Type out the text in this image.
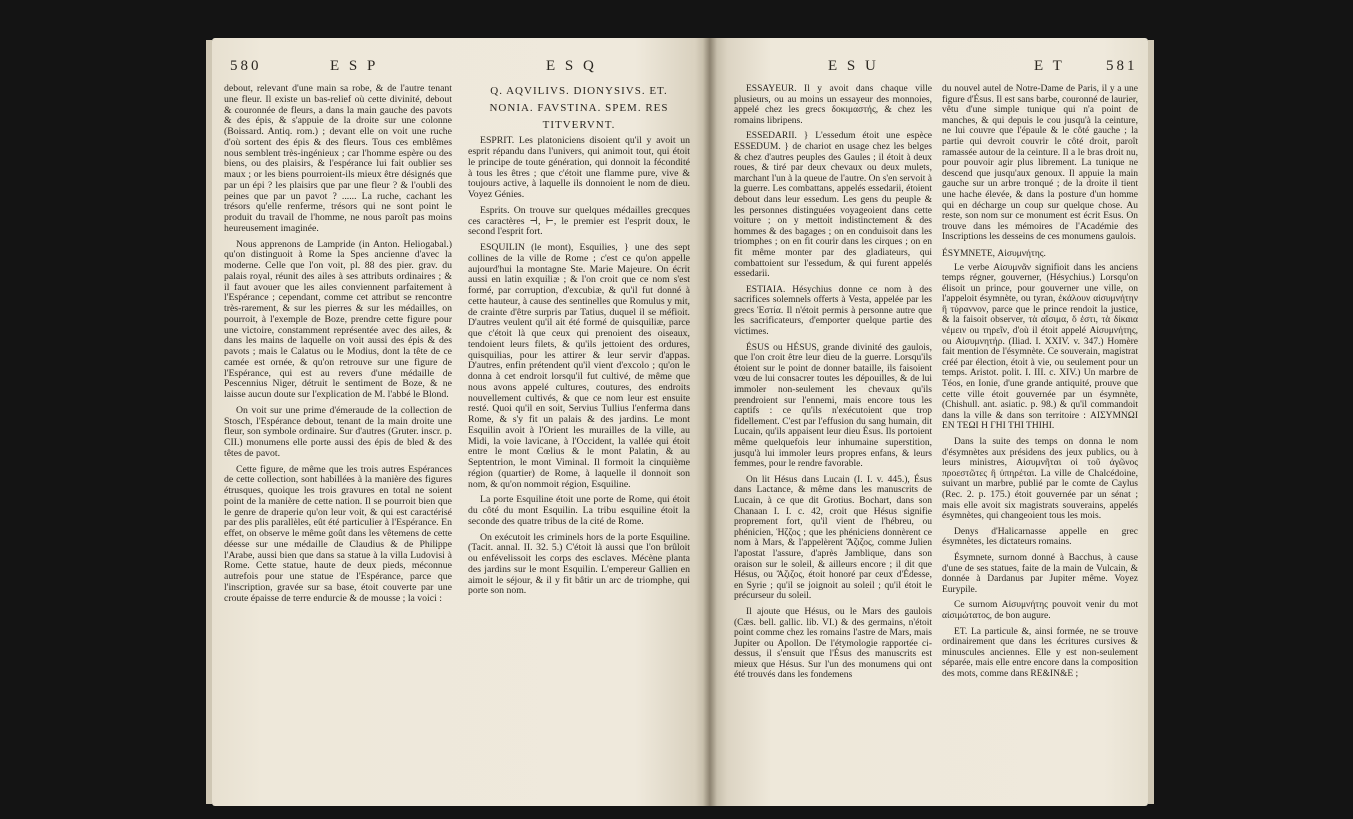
580	E S P	E S Q

debout, relevant d'une main sa robe, & de l'autre tenant une fleur. Il existe un bas-relief où cette divinité, debout & couronnée de fleurs, a dans la main gauche des pavots & des épis, & s'appuie de la droite sur une colonne (Boissard. Antiq. rom.) ; devant elle on voit une ruche d'où sortent des épis & des fleurs. Tous ces emblêmes nous semblent très-ingénieux ; car l'homme espère ou des biens, ou des plaisirs, & l'espérance lui fait oublier ses maux ; or les biens pourroient-ils mieux être désignés que par un épi ? les plaisirs que par une fleur ? & l'oubli des peines que par un pavot ? ...... La ruche, cachant les trésors qu'elle renferme, trésors qui ne sont point le produit du travail de l'homme, ne nous paroît pas moins heureusement imaginée.

Nous apprenons de Lampride (in Anton. Heliogabal.) qu'on distinguoit à Rome la Spes ancienne d'avec la moderne. Celle que l'on voit, pl. 88 des pier. grav. du palais royal, réunit des ailes à ses attributs ordinaires ; & il faut avouer que les ailes conviennent parfaitement à l'Espérance ; cependant, comme cet attribut se rencontre très-rarement, & sur les pierres & sur les médailles, on pourroit, à l'exemple de Boze, prendre cette figure pour une victoire, constamment représentée avec des ailes, & dans les mains de laquelle on voit aussi des épis & des pavots ; mais le Calatus ou le Modius, dont la tête de ce camée est ornée, & qu'on retrouve sur une figure de l'Espérance, qui est au revers d'une médaille de Pescennius Niger, détruit le sentiment de Boze, & ne laisse aucun doute sur l'explication de M. l'abbé le Blond.

On voit sur une prime d'émeraude de la collection de Stosch, l'Espérance debout, tenant de la main droite une fleur, son symbole ordinaire. Sur d'autres (Gruter. inscr. p. CII.) monumens elle porte aussi des épis de bled & des têtes de pavot.

Cette figure, de même que les trois autres Espérances de cette collection, sont habillées à la manière des figures étrusques, quoique les trois gravures en total ne soient point de la manière de cette nation. Il se pourroit bien que le genre de draperie qu'on leur voit, & qui est caractérisé par des plis parallèles, eût été particulier à l'Espérance. En effet, on observe le même goût dans les vêtemens de cette déesse sur une médaille de Claudius & de Philippe l'Arabe, aussi bien que dans sa statue à la villa Ludovisi à Rome. Cette statue, haute de deux pieds, méconnue autrefois pour une statue de l'Espérance, parce que l'inscription, gravée sur sa base, étoit couverte par une croute épaisse de terre endurcie & de mousse ; la voici :

Q. AQVILIVS. DIONYSIVS. ET.

NONIA. FAVSTINA. SPEM. RES

TITVERVNT.

ESPRIT. Les platoniciens disoient qu'il y avoit un esprit répandu dans l'univers, qui animoit tout, qui étoit le principe de toute génération, qui donnoit la fécondité à tous les êtres ; que c'étoit une flamme pure, vive & toujours active, à laquelle ils donnoient le nom de dieu. Voyez Génies.

Esprits. On trouve sur quelques médailles grecques ces caractères ⊣, ⊢, le premier est l'esprit doux, le second l'esprit fort.

ESQUILIN (le mont), Esquilies, } une des sept collines de la ville de Rome ; c'est ce qu'on appelle aujourd'hui la montagne Ste. Marie Majeure. On écrit aussi en latin exquiliæ ; & l'on croit que ce nom s'est formé, par corruption, d'excubiæ, & qu'il fut donné à cette hauteur, à cause des sentinelles que Romulus y mit, de crainte d'être surpris par Tatius, duquel il se méfioit. D'autres veulent qu'il ait été formé de quisquiliæ, parce que c'étoit là que ceux qui prenoient des oiseaux, tendoient leurs filets, & qu'ils jettoient des ordures, quisquilias, pour les attirer & leur servir d'appas. D'autres, enfin prétendent qu'il vient d'excolo ; qu'on le donna à cet endroit lorsqu'il fut cultivé, de même que nous avons appelé cultures, coutures, des endroits nouvellement cultivés, & que ce nom leur est ensuite resté. Quoi qu'il en soit, Servius Tullius l'enferma dans Rome, & s'y fit un palais & des jardins. Le mont Esquilin avoit à l'Orient les murailles de la ville, au Midi, la voie lavicane, à l'Occident, la vallée qui étoit entre le mont Cœlius & le mont Palatin, & au Septentrion, le mont Viminal. Il formoit la cinquième région (quartier) de Rome, à laquelle il donnoit son nom, & qu'on nommoit région, Esquiline.

La porte Esquiline étoit une porte de Rome, qui étoit du côté du mont Esquilin. La tribu esquiline étoit la seconde des quatre tribus de la cité de Rome.

On exécutoit les criminels hors de la porte Esquiline. (Tacit. annal. II. 32. 5.) C'étoit là aussi que l'on brûloit ou enfévelissoit les corps des esclaves. Mécène planta des jardins sur le mont Esquilin. L'empereur Gallien en aimoit le séjour, & il y fit bâtir un arc de triomphe, qui porte son nom.

E S U	E T	581

ESSAYEUR. Il y avoit dans chaque ville plusieurs, ou au moins un essayeur des monnoies, appelé chez les grecs δοκιμαστής, & chez les romains libripens.

ESSEDARII. } L'essedum étoit une espèce ESSEDUM. } de chariot en usage chez les belges & chez d'autres peuples des Gaules ; il étoit à deux roues, & tiré par deux chevaux ou deux mulets, marchant l'un à la queue de l'autre. On s'en servoit à la guerre. Les combattans, appelés essedarii, étoient debout dans leur essedum. Les gens du peuple & les personnes distinguées voyageoient dans cette voiture ; on y mettoit indistinctement & des hommes & des bagages ; on en conduisoit dans les triomphes ; on en fit courir dans les cirques ; on en fit même monter par des gladiateurs, qui combattoient sur l'essedum, & qui furent appelés essedarii.

ESTIAIA. Hésychius donne ce nom à des sacrifices solemnels offerts à Vesta, appelée par les grecs Ἑστία. Il n'étoit permis à personne autre que les sacrificateurs, d'emporter quelque partie des victimes.

ÉSUS ou HÉSUS, grande divinité des gaulois, que l'on croit être leur dieu de la guerre. Lorsqu'ils étoient sur le point de donner bataille, ils faisoient vœu de lui consacrer toutes les dépouilles, & de lui immoler non-seulement les chevaux qu'ils prendroient sur l'ennemi, mais encore tous les captifs : ce qu'ils n'exécutoient que trop fidellement. C'est par l'effusion du sang humain, dit Lucain, qu'ils appaisent leur dieu Ésus. Ils portoient même quelquefois leur inhumaine superstition, jusqu'à lui immoler leurs propres enfans, & leurs femmes, pour le rendre favorable.

On lit Hésus dans Lucain (I. I. v. 445.), Ésus dans Lactance, & même dans les manuscrits de Lucain, à ce que dit Grotius. Bochart, dans son Chanaan I. I. c. 42, croit que Hésus signifie proprement fort, qu'il vient de l'hébreu, ou phénicien, Ἡζζος ; que les phéniciens donnèrent ce nom à Mars, & l'appelèrent Ἄζιζος, comme Julien l'apostat l'assure, d'après Jamblique, dans son oraison sur le soleil, & ailleurs encore ; il dit que Hésus, ou Ἄζιζος, étoit honoré par ceux d'Édesse, en Syrie ; qu'il se joignoit au soleil ; qu'il étoit le précurseur du soleil.

Il ajoute que Hésus, ou le Mars des gaulois (Cæs. bell. gallic. lib. VI.) & des germains, n'étoit point comme chez les romains l'astre de Mars, mais Jupiter ou Apollon. De l'étymologie rapportée ci-dessus, il s'ensuit que l'Ésus des manuscrits est mieux que Hésus. Sur l'un des monumens qui ont été trouvés dans les fondemens

du nouvel autel de Notre-Dame de Paris, il y a une figure d'Ésus. Il est sans barbe, couronné de laurier, vêtu d'une simple tunique qui n'a point de manches, & qui depuis le cou jusqu'à la ceinture, ne lui couvre que l'épaule & le côté gauche ; la partie qui devroit couvrir le côté droit, paroît ramassée autour de la ceinture. Il a le bras droit nu, pour pouvoir agir plus librement. La tunique ne descend que jusqu'aux genoux. Il appuie la main gauche sur un arbre tronqué ; de la droite il tient une hache élevée, & dans la posture d'un homme qui en décharge un coup sur quelque chose. Au reste, son nom sur ce monument est écrit Esus. On trouve dans les mémoires de l'Académie des Inscriptions les desseins de ces monumens gaulois.

ÉSYMNETE, Αἰσυμνήτης.

Le verbe Αἰσυμνᾶν signifioit dans les anciens temps régner, gouverner, (Hésychius.) Lorsqu'on élisoit un prince, pour gouverner une ville, on l'appeloit ésymnète, ou tyran, ἐκάλουν αἰσυμνήτην ἢ τύραννον, parce que le prince rendoit la justice, & la faisoit observer, τὰ αἴσιμα, ὅ ἐστι, τὰ δίκαια νέμειν ou τηρεῖν, d'où il étoit appelé Αἰσυμνήτης, ou Αἰσυμνητήρ. (Iliad. I. XXIV. v. 347.) Homère fait mention de l'ésymnète. Ce souverain, magistrat créé par élection, étoit à vie, ou seulement pour un temps. Aristot. polit. I. III. c. XIV.) Un marbre de Téos, en Ionie, d'une grande antiquité, prouve que cette ville étoit gouvernée par un ésymnète, (Chishull. ant. asiatic. p. 98.) & qu'il commandoit dans la ville & dans son territoire : ΑΙΣΥΜΝΩΙ ΕΝ ΤΕΩΙ Η ΓΗΙ ΤΗΙ ΤΗΙΗΙ.

Dans la suite des temps on donna le nom d'ésymnètes aux présidens des jeux publics, ou à leurs ministres, Αἰσυμνῆται οἱ τοῦ ἀγῶνος προεστῶτες ἢ ὑπηρέται. La ville de Chalcédoine, suivant un marbre, publié par le comte de Caylus (Rec. 2. p. 175.) étoit gouvernée par un sénat ; mais elle avoit six magistrats souverains, appelés ésymnètes, qui changeoient tous les mois.

Denys d'Halicarnasse appelle en grec ésymnètes, les dictateurs romains.

Ésymnete, surnom donné à Bacchus, à cause d'une de ses statues, faite de la main de Vulcain, & donnée à Dardanus par Jupiter même. Voyez Eurypile.

Ce surnom Αἰσυμνήτης pouvoit venir du mot αἰσιμώτατος, de bon augure.

ET. La particule &, ainsi formée, ne se trouve ordinairement que dans les écritures cursives & minuscules anciennes. Elle y est non-seulement séparée, mais elle entre encore dans la composition des mots, comme dans RE&IN&E ;
